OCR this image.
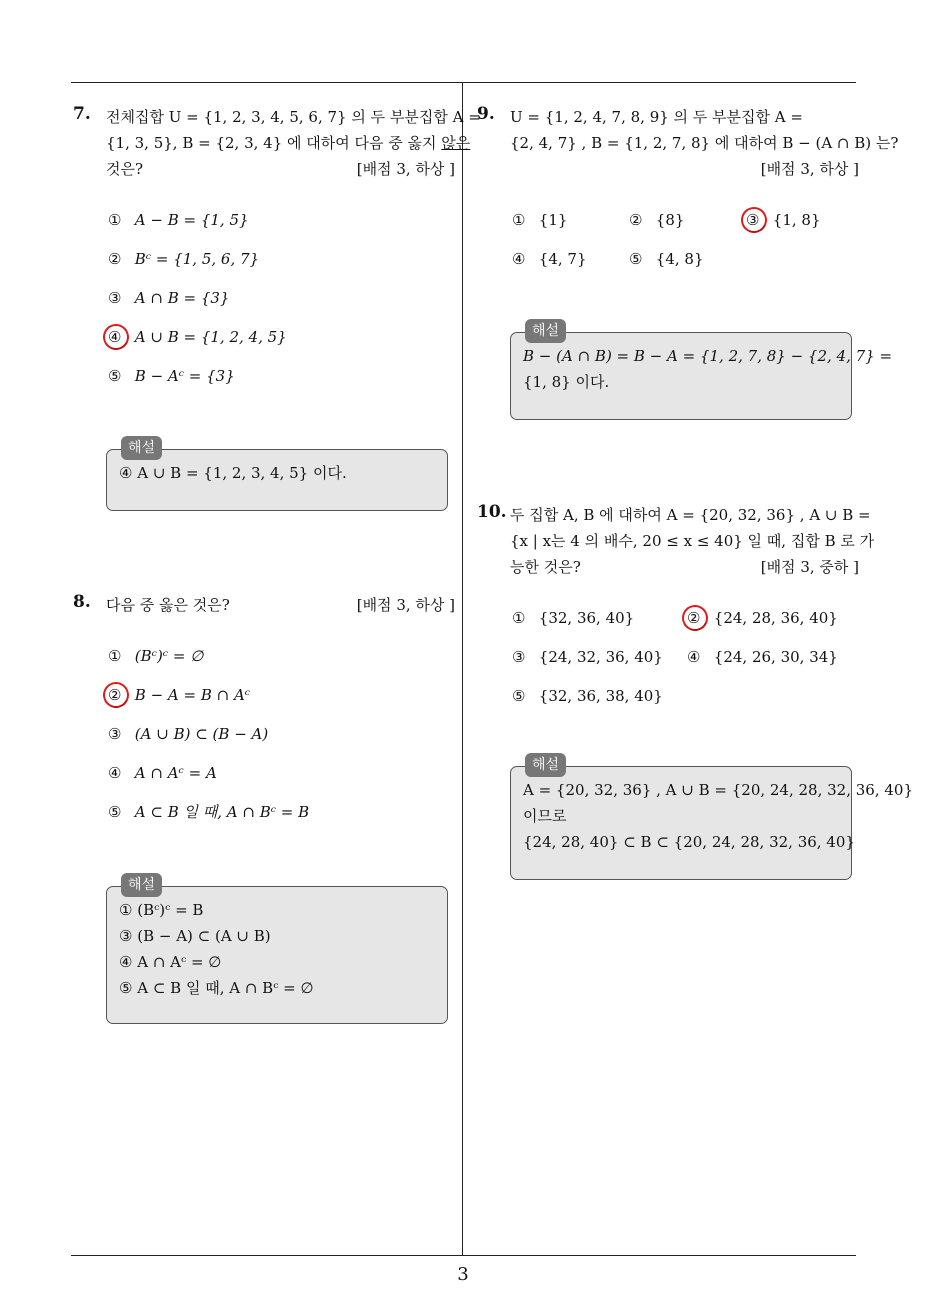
7. 전체집합 U = {1, 2, 3, 4, 5, 6, 7} 의 두 부분집합 A =
{1, 3, 5}, B = {2, 3, 4} 에 대하여 다음 중 옳지 않은
것은?	[배점 3, 하상 ]
① A − B = {1, 5}
② Bᶜ = {1, 5, 6, 7}
③ A ∩ B = {3}
④ A ∪ B = {1, 2, 4, 5}
⑤ B − Aᶜ = {3}
해설
④ A ∪ B = {1, 2, 3, 4, 5} 이다.
8. 다음 중 옳은 것은?	[배점 3, 하상 ]
① (Bᶜ)ᶜ = ∅
② B − A = B ∩ Aᶜ
③ (A ∪ B) ⊂ (B − A)
④ A ∩ Aᶜ = A
⑤ A ⊂ B 일 때, A ∩ Bᶜ = B
해설
① (Bᶜ)ᶜ = B
③ (B − A) ⊂ (A ∪ B)
④ A ∩ Aᶜ = ∅
⑤ A ⊂ B 일 때, A ∩ Bᶜ = ∅
9. U = {1, 2, 4, 7, 8, 9} 의 두 부분집합 A =
{2, 4, 7} , B = {1, 2, 7, 8} 에 대하여 B − (A ∩ B) 는?
[배점 3, 하상 ]
① {1}	② {8}	③ {1, 8}
④ {4, 7}	⑤ {4, 8}
해설
B − (A ∩ B) = B − A = {1, 2, 7, 8} − {2, 4, 7} =
{1, 8} 이다.
10. 두 집합 A, B 에 대하여 A = {20, 32, 36} , A ∪ B =
{x | x는 4 의 배수, 20 ≤ x ≤ 40} 일 때, 집합 B 로 가
능한 것은?	[배점 3, 중하 ]
① {32, 36, 40}	② {24, 28, 36, 40}
③ {24, 32, 36, 40} ④ {24, 26, 30, 34}
⑤ {32, 36, 38, 40}
해설
A = {20, 32, 36} , A ∪ B = {20, 24, 28, 32, 36, 40}
이므로
{24, 28, 40} ⊂ B ⊂ {20, 24, 28, 32, 36, 40}
3
